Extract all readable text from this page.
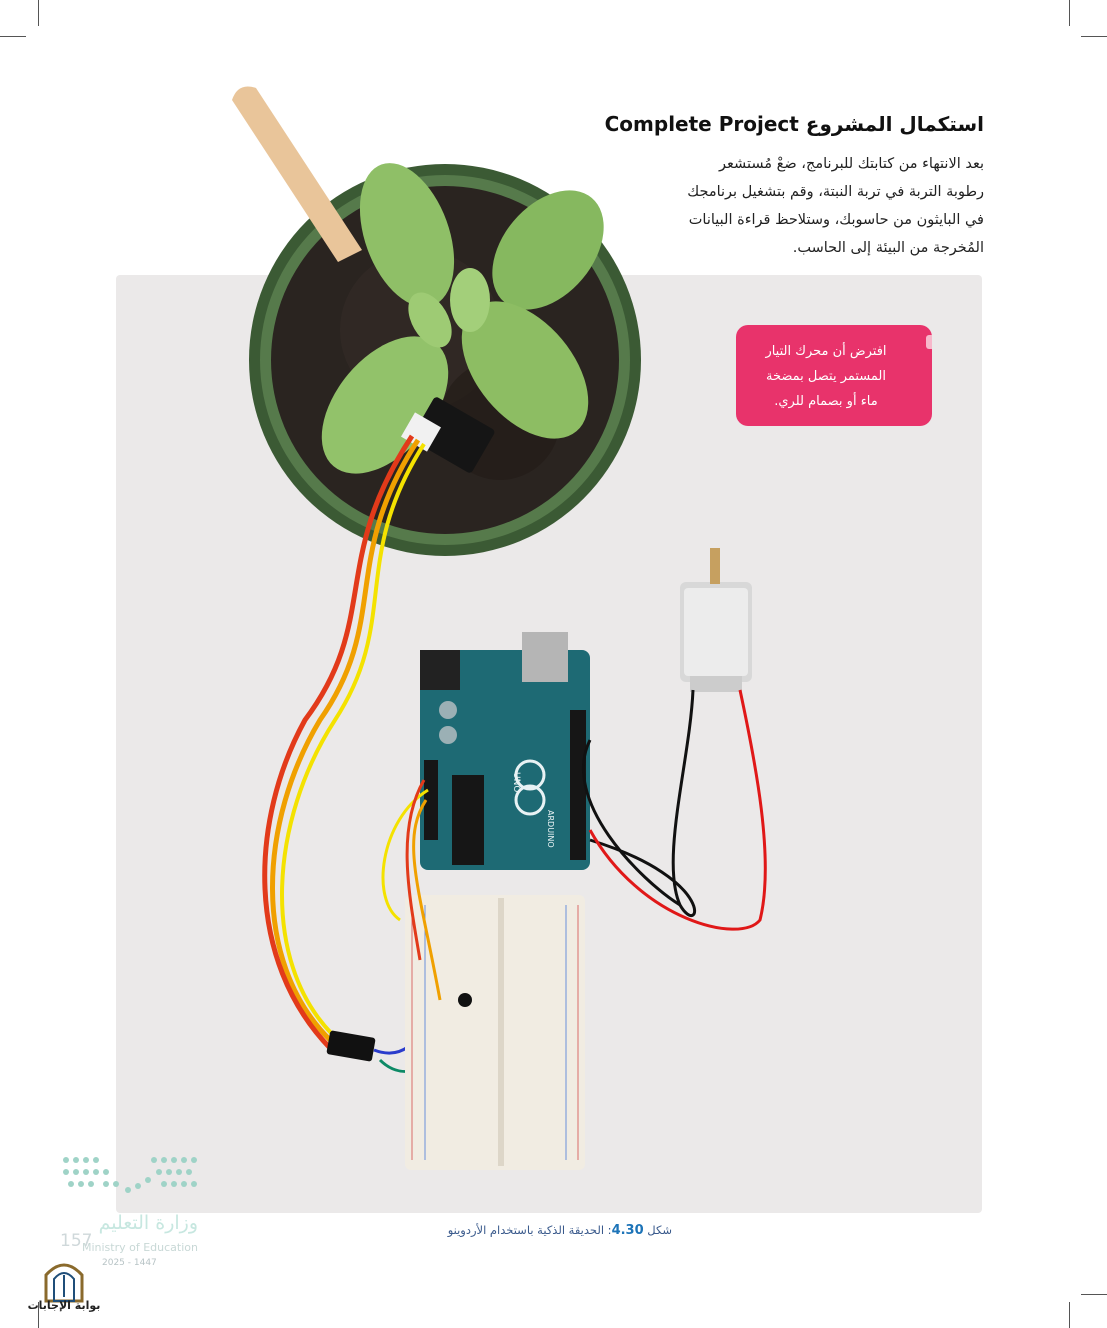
UNO
ARDUINO
استكمال المشروع Complete Project
بعد الانتهاء من كتابتك للبرنامج، ضعْ مُستشعر
رطوبة التربة في تربة النبتة، وقم بتشغيل برنامجك
في البايثون من حاسوبك، وستلاحظ قراءة البيانات
المُخرجة من البيئة إلى الحاسب.
افترض أن محرك التيار
المستمر يتصل بمضخة
ماء أو بصمام للري.
شكل 4.30: الحديقة الذكية باستخدام الأردوينو
وزارة التعليم
157
Ministry of Education
2025 - 1447
بوابة الإجابات
